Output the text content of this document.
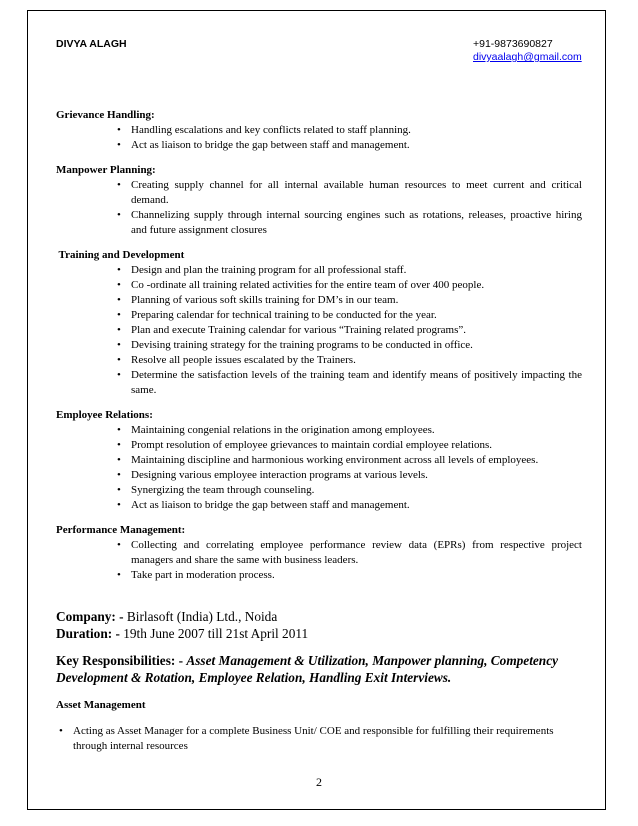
DIVYA ALAGH	+91-9873690827
divyaalagh@gmail.com

Grievance Handling:

• Handling escalations and key conflicts related to staff planning.
• Act as liaison to bridge the gap between staff and management.

Manpower Planning:

• Creating supply channel for all internal available human resources to meet current and critical demand.
• Channelizing supply through internal sourcing engines such as rotations, releases, proactive hiring and future assignment closures

Training and Development

• Design and plan the training program for all professional staff.
• Co -ordinate all training related activities for the entire team of over 400 people.
• Planning of various soft skills training for DM’s in our team.
• Preparing calendar for technical training to be conducted for the year.
• Plan and execute Training calendar for various “Training related programs”.
• Devising training strategy for the training programs to be conducted in office.
• Resolve all people issues escalated by the Trainers.
• Determine the satisfaction levels of the training team and identify means of positively impacting the same.

Employee Relations:

• Maintaining congenial relations in the origination among employees.
• Prompt resolution of employee grievances to maintain cordial employee relations.
• Maintaining discipline and harmonious working environment across all levels of employees.
• Designing various employee interaction programs at various levels.
• Synergizing the team through counseling.
• Act as liaison to bridge the gap between staff and management.

Performance Management:

• Collecting and correlating employee performance review data (EPRs) from respective project managers and share the same with business leaders.
• Take part in moderation process.
Company: - Birlasoft (India) Ltd., Noida
Duration: - 19th June 2007 till 21st April 2011
Key Responsibilities: - Asset Management & Utilization, Manpower planning, Competency Development & Rotation, Employee Relation, Handling Exit Interviews.

Asset Management

• Acting as Asset Manager for a complete Business Unit/ COE and responsible for fulfilling their requirements through internal resources
2
